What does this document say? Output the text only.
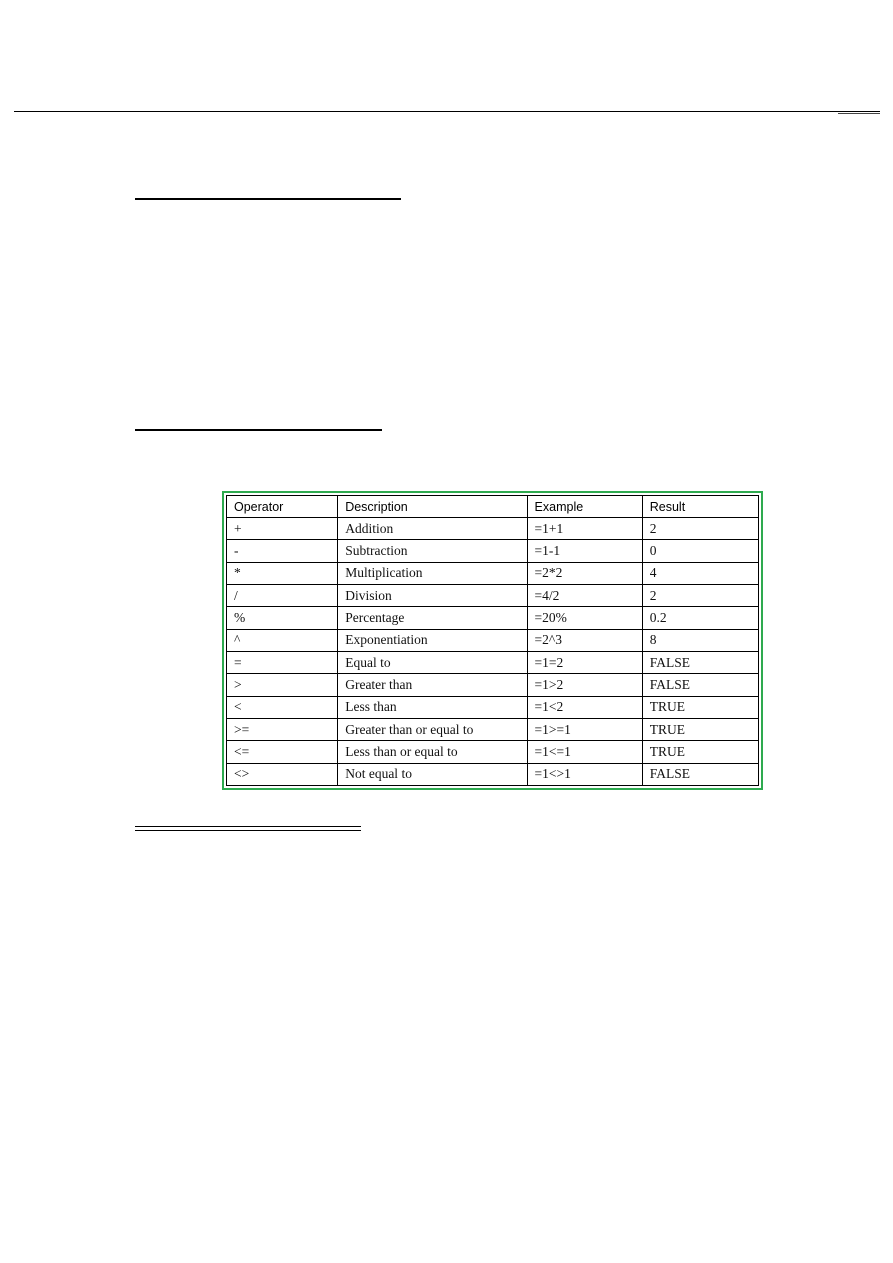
Operator	Description	Example	Result
+	Addition	=1+1	2
-	Subtraction	=1-1	0
*	Multiplication	=2*2	4
/	Division	=4/2	2
%	Percentage	=20%	0.2
^	Exponentiation	=2^3	8
=	Equal to	=1=2	FALSE
>	Greater than	=1>2	FALSE
<	Less than	=1<2	TRUE
>=	Greater than or equal to	=1>=1	TRUE
<=	Less than or equal to	=1<=1	TRUE
<>	Not equal to	=1<>1	FALSE
